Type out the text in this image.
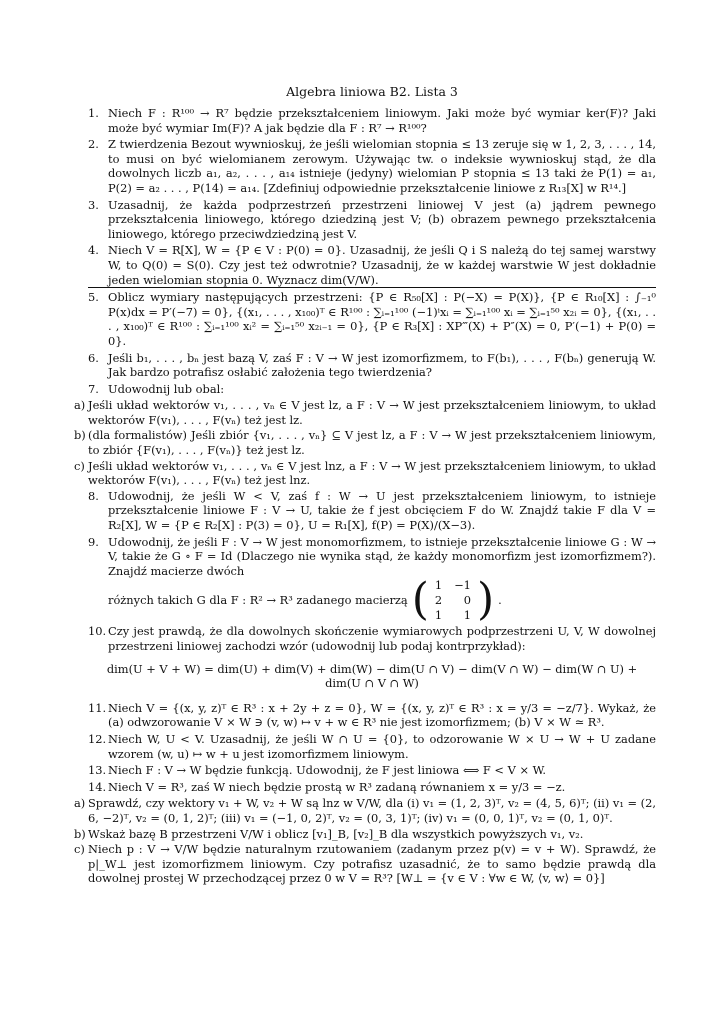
Algebra liniowa B2. Lista 3
1. Niech F : R¹⁰⁰ → R⁷ będzie przekształceniem liniowym. Jaki może być wymiar ker(F)? Jaki może być wymiar Im(F)? A jak będzie dla F : R⁷ → R¹⁰⁰?
2. Z twierdzenia Bezout wywnioskuj, że jeśli wielomian stopnia ≤ 13 zeruje się w 1, 2, 3, . . . , 14, to musi on być wielomianem zerowym. Używając tw. o indeksie wywnioskuj stąd, że dla dowolnych liczb a₁, a₂, . . . , a₁₄ istnieje (jedyny) wielomian P stopnia ≤ 13 taki że P(1) = a₁, P(2) = a₂ . . . , P(14) = a₁₄. [Zdefiniuj odpowiednie przekształcenie liniowe z R₁₃[X] w R¹⁴.]
3. Uzasadnij, że każda podprzestrzeń przestrzeni liniowej V jest (a) jądrem pewnego przekształcenia liniowego, którego dziedziną jest V; (b) obrazem pewnego przekształcenia liniowego, którego przeciwdziedziną jest V.
4. Niech V = R[X], W = {P ∈ V : P(0) = 0}. Uzasadnij, że jeśli Q i S należą do tej samej warstwy W, to Q(0) = S(0). Czy jest też odwrotnie? Uzasadnij, że w każdej warstwie W jest dokładnie jeden wielomian stopnia 0. Wyznacz dim(V/W).
5. Oblicz wymiary następujących przestrzeni: {P ∈ R₅₀[X] : P(−X) = P(X)}, {P ∈ R₁₀[X] : ∫₋₁⁰ P(x)dx = P′(−7) = 0}, {(x₁, . . . , x₁₀₀)ᵀ ∈ R¹⁰⁰ : ∑ᵢ₌₁¹⁰⁰ (−1)ⁱxᵢ = ∑ᵢ₌₁¹⁰⁰ xᵢ = ∑ᵢ₌₁⁵⁰ x₂ᵢ = 0}, {(x₁, . . . , x₁₀₀)ᵀ ∈ R¹⁰⁰ : ∑ᵢ₌₁¹⁰⁰ xᵢ² = ∑ᵢ₌₁⁵⁰ x₂ᵢ₋₁ = 0}, {P ∈ R₃[X] : XP‴(X) + P″(X) = 0, P′(−1) + P(0) = 0}.
6. Jeśli b₁, . . . , bₙ jest bazą V, zaś F : V → W jest izomorfizmem, to F(b₁), . . . , F(bₙ) generują W. Jak bardzo potrafisz osłabić założenia tego twierdzenia?
7. Udowodnij lub obal:
a) Jeśli układ wektorów v₁, . . . , vₙ ∈ V jest lz, a F : V → W jest przekształceniem liniowym, to układ wektorów F(v₁), . . . , F(vₙ) też jest lz.
b) (dla formalistów) Jeśli zbiór {v₁, . . . , vₙ} ⊆ V jest lz, a F : V → W jest przekształceniem liniowym, to zbiór {F(v₁), . . . , F(vₙ)} też jest lz.
c) Jeśli układ wektorów v₁, . . . , vₙ ∈ V jest lnz, a F : V → W jest przekształceniem liniowym, to układ wektorów F(v₁), . . . , F(vₙ) też jest lnz.
8. Udowodnij, że jeśli W < V, zaś f : W → U jest przekształceniem liniowym, to istnieje przekształcenie liniowe F : V → U, takie że f jest obcięciem F do W. Znajdź takie F dla V = R₂[X], W = {P ∈ R₂[X] : P(3) = 0}, U = R₁[X], f(P) = P(X)/(X−3).
9. Udowodnij, że jeśli F : V → W jest monomorfizmem, to istnieje przekształcenie liniowe G : W → V, takie że G ∘ F = Id (Dlaczego nie wynika stąd, że każdy monomorfizm jest izomorfizmem?). Znajdź macierze dwóch
różnych takich G dla F : R² → R³ zadanego macierzą ( 1	−1
2	0
1	1 ) .
10. Czy jest prawdą, że dla dowolnych skończenie wymiarowych podprzestrzeni U, V, W dowolnej przestrzeni liniowej zachodzi wzór (udowodnij lub podaj kontrprzykład):
dim(U + V + W) = dim(U) + dim(V) + dim(W) − dim(U ∩ V) − dim(V ∩ W) − dim(W ∩ U) + dim(U ∩ V ∩ W)
11. Niech V = {(x, y, z)ᵀ ∈ R³ : x + 2y + z = 0}, W = {(x, y, z)ᵀ ∈ R³ : x = y/3 = −z/7}. Wykaż, że (a) odwzorowanie V × W ∋ (v, w) ↦ v + w ∈ R³ nie jest izomorfizmem; (b) V × W ≃ R³.
12. Niech W, U < V. Uzasadnij, że jeśli W ∩ U = {0}, to odzorowanie W × U → W + U zadane wzorem (w, u) ↦ w + u jest izomorfizmem liniowym.
13. Niech F : V → W będzie funkcją. Udowodnij, że F jest liniowa ⟺ F < V × W.
14. Niech V = R³, zaś W niech będzie prostą w R³ zadaną równaniem x = y/3 = −z.
a) Sprawdź, czy wektory v₁ + W, v₂ + W są lnz w V/W, dla (i) v₁ = (1, 2, 3)ᵀ, v₂ = (4, 5, 6)ᵀ; (ii) v₁ = (2, 6, −2)ᵀ, v₂ = (0, 1, 2)ᵀ; (iii) v₁ = (−1, 0, 2)ᵀ, v₂ = (0, 3, 1)ᵀ; (iv) v₁ = (0, 0, 1)ᵀ, v₂ = (0, 1, 0)ᵀ.
b) Wskaż bazę B przestrzeni V/W i oblicz [v₁]_B, [v₂]_B dla wszystkich powyższych v₁, v₂.
c) Niech p : V → V/W będzie naturalnym rzutowaniem (zadanym przez p(v) = v + W). Sprawdź, że p|_W⊥ jest izomorfizmem liniowym. Czy potrafisz uzasadnić, że to samo będzie prawdą dla dowolnej prostej W przechodzącej przez 0 w V = R³? [W⊥ = {v ∈ V : ∀w ∈ W, ⟨v, w⟩ = 0}]
